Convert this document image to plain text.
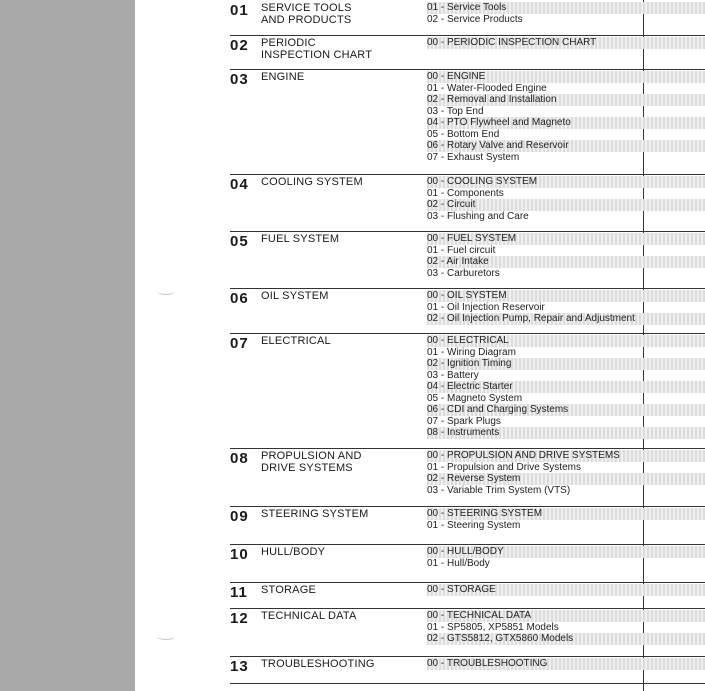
01 SERVICE TOOLS
AND PRODUCTS
01 - Service Tools
02 - Service Products
02 PERIODIC
INSPECTION CHART
00 - PERIODIC INSPECTION CHART
03 ENGINE	00 - ENGINE
01 - Water-Flooded Engine
02 - Removal and Installation
03 - Top End
04 - PTO Flywheel and Magneto
05 - Bottom End
06 - Rotary Valve and Reservoir
07 - Exhaust System
04 COOLING SYSTEM	00 - COOLING SYSTEM
01 - Components
02 - Circuit
03 - Flushing and Care
05 FUEL SYSTEM	00 - FUEL SYSTEM
01 - Fuel circuit
02 - Air Intake
03 - Carburetors
06 OIL SYSTEM	00 - OIL SYSTEM
01 - Oil Injection Reservoir
02 - Oil Injection Pump, Repair and Adjustment
07 ELECTRICAL	00 - ELECTRICAL
01 - Wiring Diagram
02 - Ignition Timing
03 - Battery
04 - Electric Starter
05 - Magneto System
06 - CDI and Charging Systems
07 - Spark Plugs
08 - Instruments
08 PROPULSION AND
DRIVE SYSTEMS
00 - PROPULSION AND DRIVE SYSTEMS
01 - Propulsion and Drive Systems
02 - Reverse System
03 - Variable Trim System (VTS)
09 STEERING SYSTEM	00 - STEERING SYSTEM
01 - Steering System
10 HULL/BODY	00 - HULL/BODY
01 - Hull/Body
11 STORAGE	00 - STORAGE
12 TECHNICAL DATA	00 - TECHNICAL DATA
01 - SP5805, XP5851 Models
02 - GTS5812, GTX5860 Models
13 TROUBLESHOOTING	00 - TROUBLESHOOTING
